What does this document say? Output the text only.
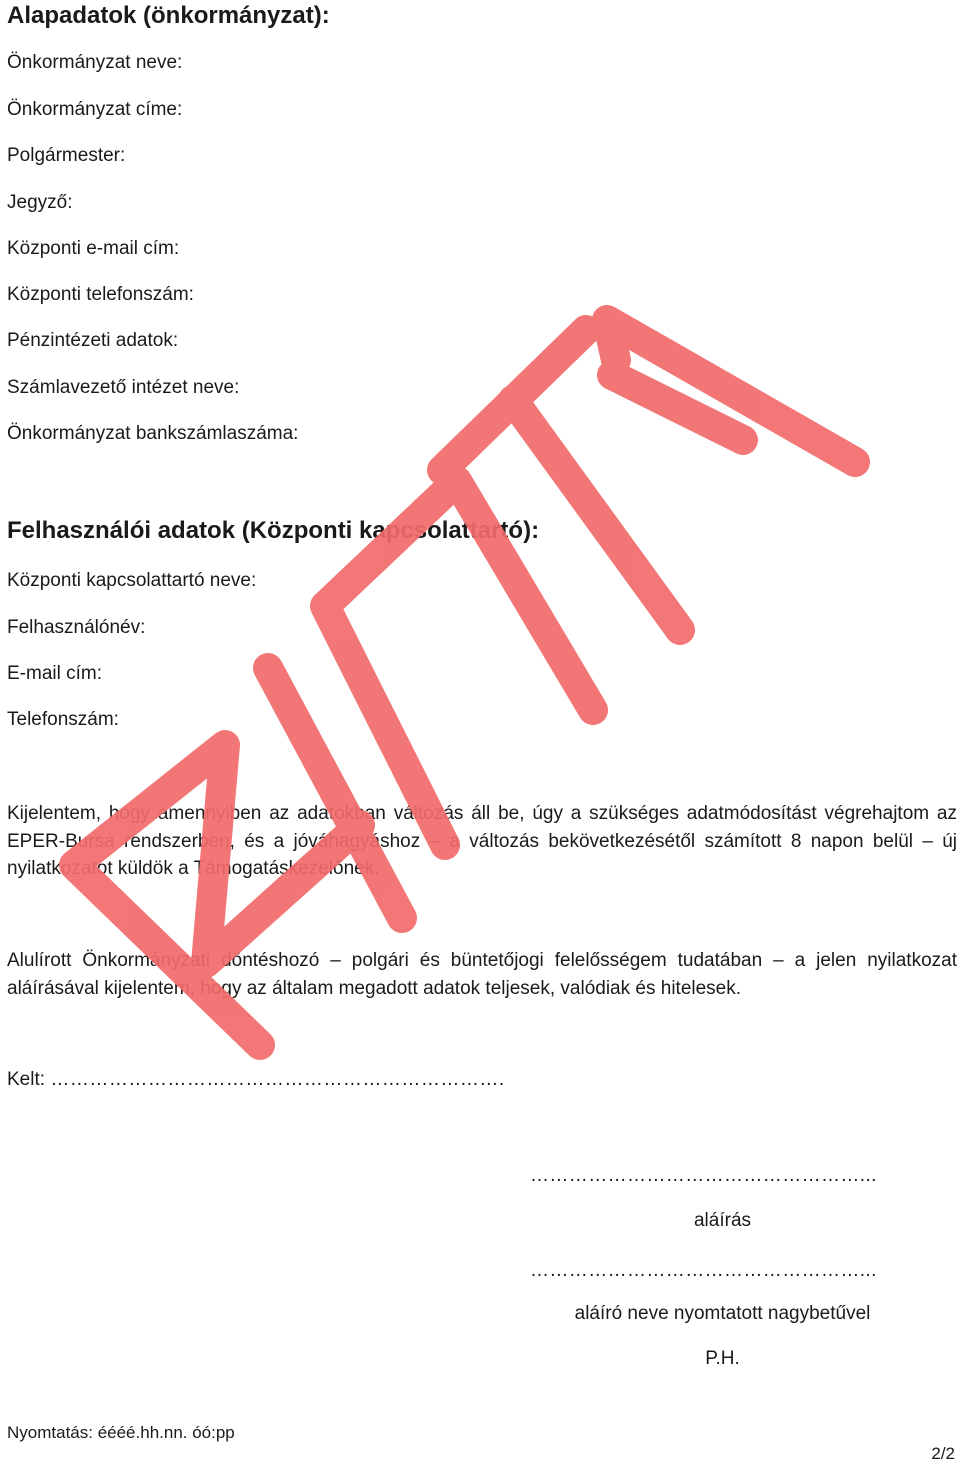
Alapadatok (önkormányzat):
Önkormányzat neve:
Önkormányzat címe:
Polgármester:
Jegyző:
Központi e-mail cím:
Központi telefonszám:
Pénzintézeti adatok:
Számlavezető intézet neve:
Önkormányzat bankszámlaszáma:
Felhasználói adatok (Központi kapcsolattartó):
Központi kapcsolattartó neve:
Felhasználónév:
E-mail cím:
Telefonszám:

Kijelentem, hogy amennyiben az adatokban változás áll be, úgy a szükséges adatmódosítást végrehajtom az EPER-Bursa rendszerben, és a jóváhagyáshoz – a változás bekövetkezésétől számított 8 napon belül – új nyilatkozatot küldök a Támogatáskezelőnek.

Alulírott Önkormányzati döntéshozó – polgári és büntetőjogi felelősségem tudatában – a jelen nyilatkozat aláírásával kijelentem, hogy az általam megadott adatok teljesek, valódiak és hitelesek.

Kelt: …………………………………………………………….
……………………………………………...
aláírás
……………………………………………...
aláíró neve nyomtatott nagybetűvel
P.H.
Nyomtatás: éééé.hh.nn. óó:pp
2/2
